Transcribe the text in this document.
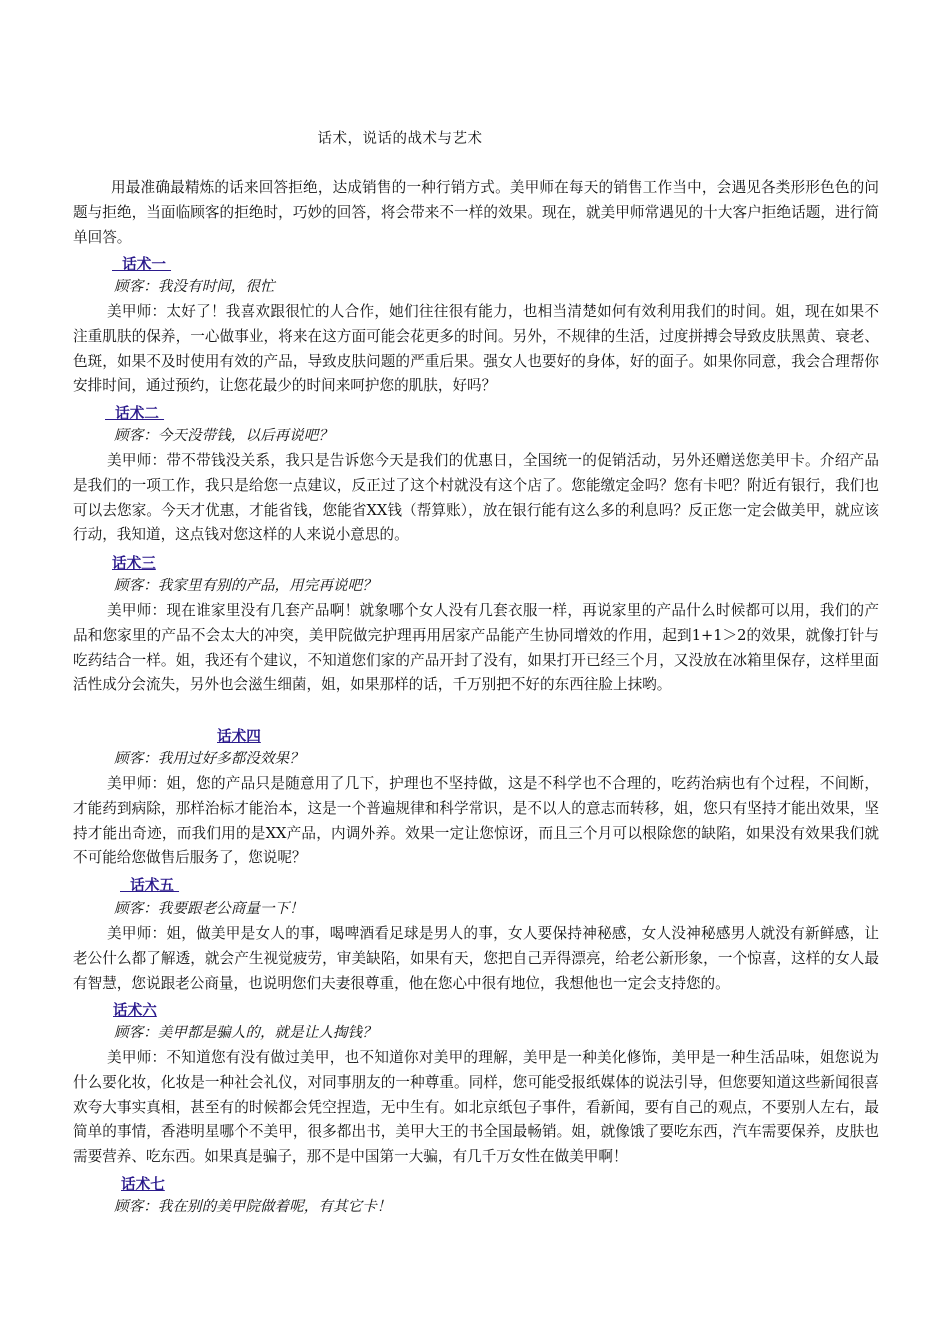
话术，说话的战术与艺术

用最准确最精炼的话来回答拒绝，达成销售的一种行销方式。美甲师在每天的销售工作当中，会遇见各类形形色色的问题与拒绝，当面临顾客的拒绝时，巧妙的回答，将会带来不一样的效果。现在，就美甲师常遇见的十大客户拒绝话题，进行简单回答。

话术一
顾客：我没有时间，很忙

美甲师：太好了！我喜欢跟很忙的人合作，她们往往很有能力，也相当清楚如何有效利用我们的时间。姐，现在如果不注重肌肤的保养，一心做事业，将来在这方面可能会花更多的时间。另外，不规律的生活，过度拼搏会导致皮肤黑黄、衰老、色斑，如果不及时使用有效的产品，导致皮肤问题的严重后果。强女人也要好的身体，好的面子。如果你同意，我会合理帮你安排时间，通过预约，让您花最少的时间来呵护您的肌肤，好吗？

话术二
顾客：今天没带钱，以后再说吧？

美甲师：带不带钱没关系，我只是告诉您今天是我们的优惠日，全国统一的促销活动，另外还赠送您美甲卡。介绍产品是我们的一项工作，我只是给您一点建议，反正过了这个村就没有这个店了。您能缴定金吗？您有卡吧？附近有银行，我们也可以去您家。今天才优惠，才能省钱，您能省XX钱（帮算账），放在银行能有这么多的利息吗？反正您一定会做美甲，就应该行动，我知道，这点钱对您这样的人来说小意思的。

话术三
顾客：我家里有别的产品，用完再说吧？

美甲师：现在谁家里没有几套产品啊！就象哪个女人没有几套衣服一样，再说家里的产品什么时候都可以用，我们的产品和您家里的产品不会太大的冲突，美甲院做完护理再用居家产品能产生协同增效的作用，起到1+1＞2的效果，就像打针与吃药结合一样。姐，我还有个建议，不知道您们家的产品开封了没有，如果打开已经三个月，又没放在冰箱里保存，这样里面活性成分会流失，另外也会滋生细菌，姐，如果那样的话，千万别把不好的东西往脸上抹哟。

话术四
顾客：我用过好多都没效果？

美甲师：姐，您的产品只是随意用了几下，护理也不坚持做，这是不科学也不合理的，吃药治病也有个过程，不间断，才能药到病除，那样治标才能治本，这是一个普遍规律和科学常识，是不以人的意志而转移，姐，您只有坚持才能出效果，坚持才能出奇迹，而我们用的是XX产品，内调外养。效果一定让您惊讶，而且三个月可以根除您的缺陷，如果没有效果我们就不可能给您做售后服务了，您说呢？

话术五
顾客：我要跟老公商量一下！

美甲师：姐，做美甲是女人的事，喝啤酒看足球是男人的事，女人要保持神秘感，女人没神秘感男人就没有新鲜感，让老公什么都了解透，就会产生视觉疲劳，审美缺陷，如果有天，您把自己弄得漂亮，给老公新形象，一个惊喜，这样的女人最有智慧，您说跟老公商量，也说明您们夫妻很尊重，他在您心中很有地位，我想他也一定会支持您的。

话术六
顾客：美甲都是骗人的，就是让人掏钱？

美甲师：不知道您有没有做过美甲，也不知道你对美甲的理解，美甲是一种美化修饰，美甲是一种生活品味，姐您说为什么要化妆，化妆是一种社会礼仪，对同事朋友的一种尊重。同样，您可能受报纸媒体的说法引导，但您要知道这些新闻很喜欢夸大事实真相，甚至有的时候都会凭空捏造，无中生有。如北京纸包子事件，看新闻，要有自己的观点，不要别人左右，最简单的事情，香港明星哪个不美甲，很多都出书，美甲大王的书全国最畅销。姐，就像饿了要吃东西，汽车需要保养，皮肤也需要营养、吃东西。如果真是骗子，那不是中国第一大骗，有几千万女性在做美甲啊！

话术七
顾客：我在别的美甲院做着呢，有其它卡！
